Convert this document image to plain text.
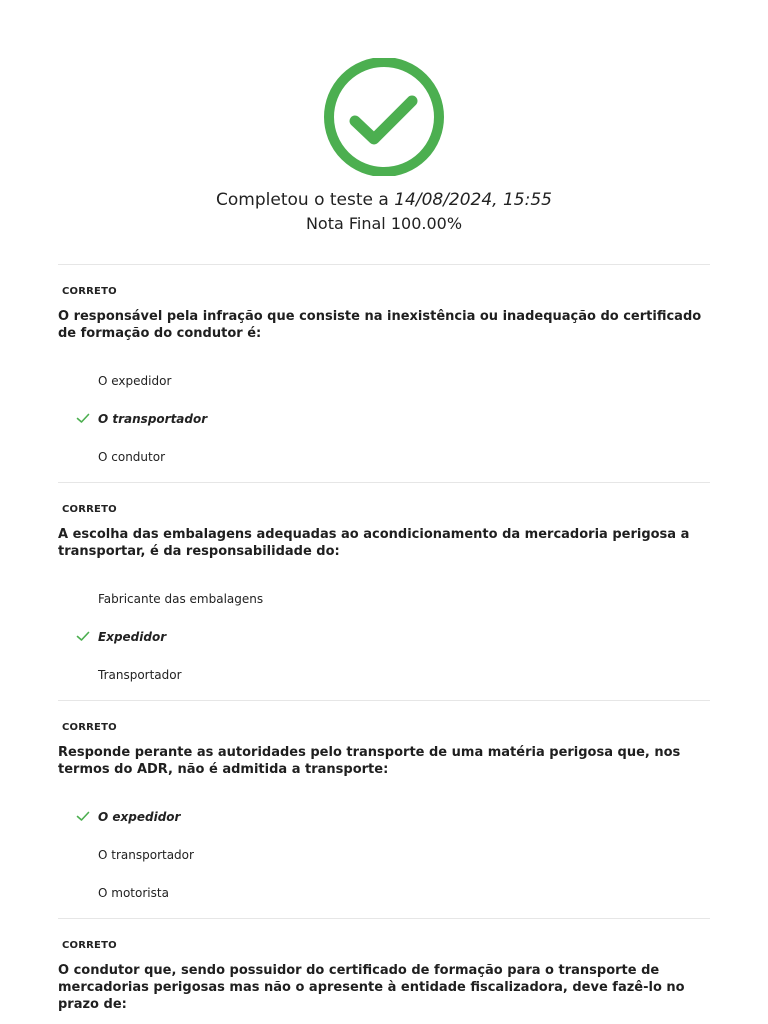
Completou o teste a 14/08/2024, 15:55
Nota Final 100.00%
CORRETO
O responsável pela infração que consiste na inexistência ou inadequação do certificado de formação do condutor é:
O expedidor
O transportador
O condutor
CORRETO
A escolha das embalagens adequadas ao acondicionamento da mercadoria perigosa a transportar, é da responsabilidade do:
Fabricante das embalagens
Expedidor
Transportador
CORRETO
Responde perante as autoridades pelo transporte de uma matéria perigosa que, nos termos do ADR, não é admitida a transporte:
O expedidor
O transportador
O motorista
CORRETO
O condutor que, sendo possuidor do certificado de formação para o transporte de mercadorias perigosas mas não o apresente à entidade fiscalizadora, deve fazê-lo no prazo de:
